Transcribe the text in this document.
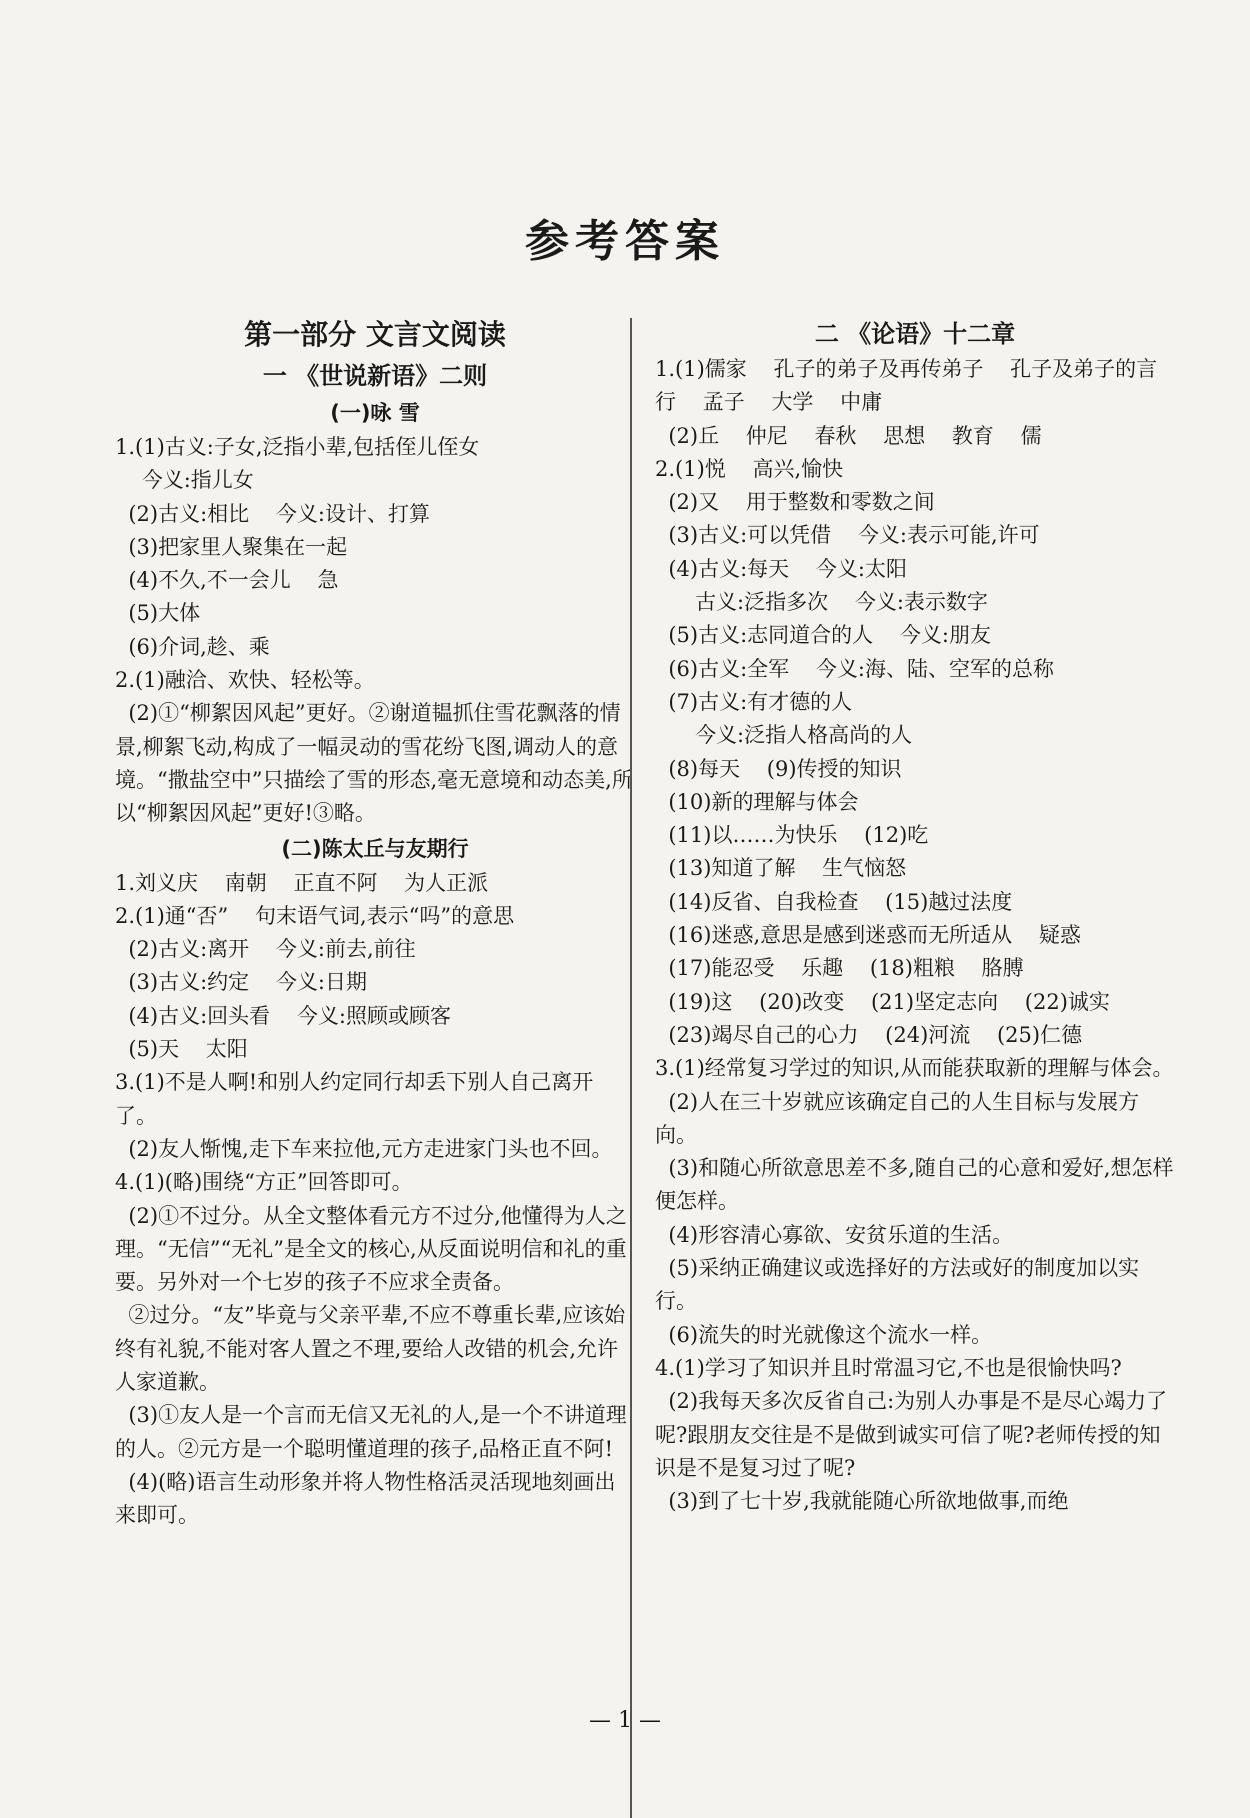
参考答案
第一部分 文言文阅读
一 《世说新语》二则
(一)咏 雪
1.(1)古义:子女,泛指小辈,包括侄儿侄女
今义:指儿女
(2)古义:相比    今义:设计、打算
(3)把家里人聚集在一起
(4)不久,不一会儿    急
(5)大体
(6)介词,趁、乘
2.(1)融洽、欢快、轻松等。
(2)①“柳絮因风起”更好。②谢道韫抓住雪花飘落的情景,柳絮飞动,构成了一幅灵动的雪花纷飞图,调动人的意境。“撒盐空中”只描绘了雪的形态,毫无意境和动态美,所以“柳絮因风起”更好!③略。
(二)陈太丘与友期行
1.刘义庆    南朝    正直不阿    为人正派
2.(1)通“否”    句末语气词,表示“吗”的意思
(2)古义:离开    今义:前去,前往
(3)古义:约定    今义:日期
(4)古义:回头看    今义:照顾或顾客
(5)天    太阳
3.(1)不是人啊!和别人约定同行却丢下别人自己离开了。
(2)友人惭愧,走下车来拉他,元方走进家门头也不回。
4.(1)(略)围绕“方正”回答即可。
(2)①不过分。从全文整体看元方不过分,他懂得为人之理。“无信”“无礼”是全文的核心,从反面说明信和礼的重要。另外对一个七岁的孩子不应求全责备。
②过分。“友”毕竟与父亲平辈,不应不尊重长辈,应该始终有礼貌,不能对客人置之不理,要给人改错的机会,允许人家道歉。
(3)①友人是一个言而无信又无礼的人,是一个不讲道理的人。②元方是一个聪明懂道理的孩子,品格正直不阿!
(4)(略)语言生动形象并将人物性格活灵活现地刻画出来即可。
二 《论语》十二章
1.(1)儒家    孔子的弟子及再传弟子    孔子及弟子的言行    孟子    大学    中庸
(2)丘    仲尼    春秋    思想    教育    儒
2.(1)悦    高兴,愉快
(2)又    用于整数和零数之间
(3)古义:可以凭借    今义:表示可能,许可
(4)古义:每天    今义:太阳
古义:泛指多次    今义:表示数字
(5)古义:志同道合的人    今义:朋友
(6)古义:全军    今义:海、陆、空军的总称
(7)古义:有才德的人
今义:泛指人格高尚的人
(8)每天    (9)传授的知识
(10)新的理解与体会
(11)以……为快乐    (12)吃
(13)知道了解    生气恼怒
(14)反省、自我检查    (15)越过法度
(16)迷惑,意思是感到迷惑而无所适从    疑惑
(17)能忍受    乐趣    (18)粗粮    胳膊
(19)这    (20)改变    (21)坚定志向    (22)诚实
(23)竭尽自己的心力    (24)河流    (25)仁德
3.(1)经常复习学过的知识,从而能获取新的理解与体会。
(2)人在三十岁就应该确定自己的人生目标与发展方向。
(3)和随心所欲意思差不多,随自己的心意和爱好,想怎样便怎样。
(4)形容清心寡欲、安贫乐道的生活。
(5)采纳正确建议或选择好的方法或好的制度加以实行。
(6)流失的时光就像这个流水一样。
4.(1)学习了知识并且时常温习它,不也是很愉快吗?
(2)我每天多次反省自己:为别人办事是不是尽心竭力了呢?跟朋友交往是不是做到诚实可信了呢?老师传授的知识是不是复习过了呢?
(3)到了七十岁,我就能随心所欲地做事,而绝
— 1 —
